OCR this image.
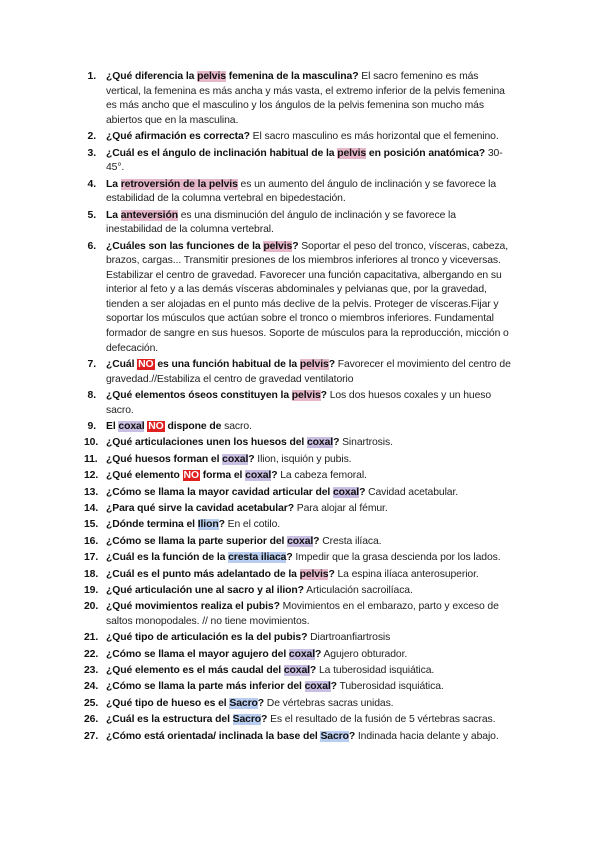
1. ¿Qué diferencia la pelvis femenina de la masculina? El sacro femenino es más vertical, la femenina es más ancha y más vasta, el extremo inferior de la pelvis femenina es más ancho que el masculino y los ángulos de la pelvis femenina son mucho más abiertos que en la masculina.
2. ¿Qué afirmación es correcta? El sacro masculino es más horizontal que el femenino.
3. ¿Cuál es el ángulo de inclinación habitual de la pelvis en posición anatómica? 30-45°.
4. La retroversión de la pelvis es un aumento del ángulo de inclinación y se favorece la estabilidad de la columna vertebral en bipedestación.
5. La anteversión es una disminución del ángulo de inclinación y se favorece la inestabilidad de la columna vertebral.
6. ¿Cuáles son las funciones de la pelvis? Soportar el peso del tronco, vísceras, cabeza, brazos, cargas... Transmitir presiones de los miembros inferiores al tronco y viceversas. Estabilizar el centro de gravedad. Favorecer una función capacitativa, albergando en su interior al feto y a las demás vísceras abdominales y pelvianas que, por la gravedad, tienden a ser alojadas en el punto más declive de la pelvis. Proteger de vísceras.Fijar y soportar los músculos que actúan sobre el tronco o miembros inferiores. Fundamental formador de sangre en sus huesos. Soporte de músculos para la reproducción, micción o defecación.
7. ¿Cuál NO es una función habitual de la pelvis? Favorecer el movimiento del centro de gravedad.//Estabiliza el centro de gravedad ventilatorio
8. ¿Qué elementos óseos constituyen la pelvis? Los dos huesos coxales y un hueso sacro.
9. El coxal NO dispone de sacro.
10. ¿Qué articulaciones unen los huesos del coxal? Sinartrosis.
11. ¿Qué huesos forman el coxal? Ilion, isquión y pubis.
12. ¿Qué elemento NO forma el coxal? La cabeza femoral.
13. ¿Cómo se llama la mayor cavidad articular del coxal? Cavidad acetabular.
14. ¿Para qué sirve la cavidad acetabular? Para alojar al fémur.
15. ¿Dónde termina el Ilion? En el cotilo.
16. ¿Cómo se llama la parte superior del coxal? Cresta ilíaca.
17. ¿Cuál es la función de la cresta iliaca? Impedir que la grasa descienda por los lados.
18. ¿Cuál es el punto más adelantado de la pelvis? La espina ilíaca anterosuperior.
19. ¿Qué articulación une al sacro y al ilion? Articulación sacroilíaca.
20. ¿Qué movimientos realiza el pubis? Movimientos en el embarazo, parto y exceso de saltos monopodales. // no tiene movimientos.
21. ¿Qué tipo de articulación es la del pubis? Diartroanfiartrosis
22. ¿Cómo se llama el mayor agujero del coxal? Agujero obturador.
23. ¿Qué elemento es el más caudal del coxal? La tuberosidad isquiática.
24. ¿Cómo se llama la parte más inferior del coxal? Tuberosidad isquiática.
25. ¿Qué tipo de hueso es el Sacro? De vértebras sacras unidas.
26. ¿Cuál es la estructura del Sacro? Es el resultado de la fusión de 5 vértebras sacras.
27. ¿Cómo está orientada/ inclinada la base del Sacro? Indinada hacia delante y abajo.
